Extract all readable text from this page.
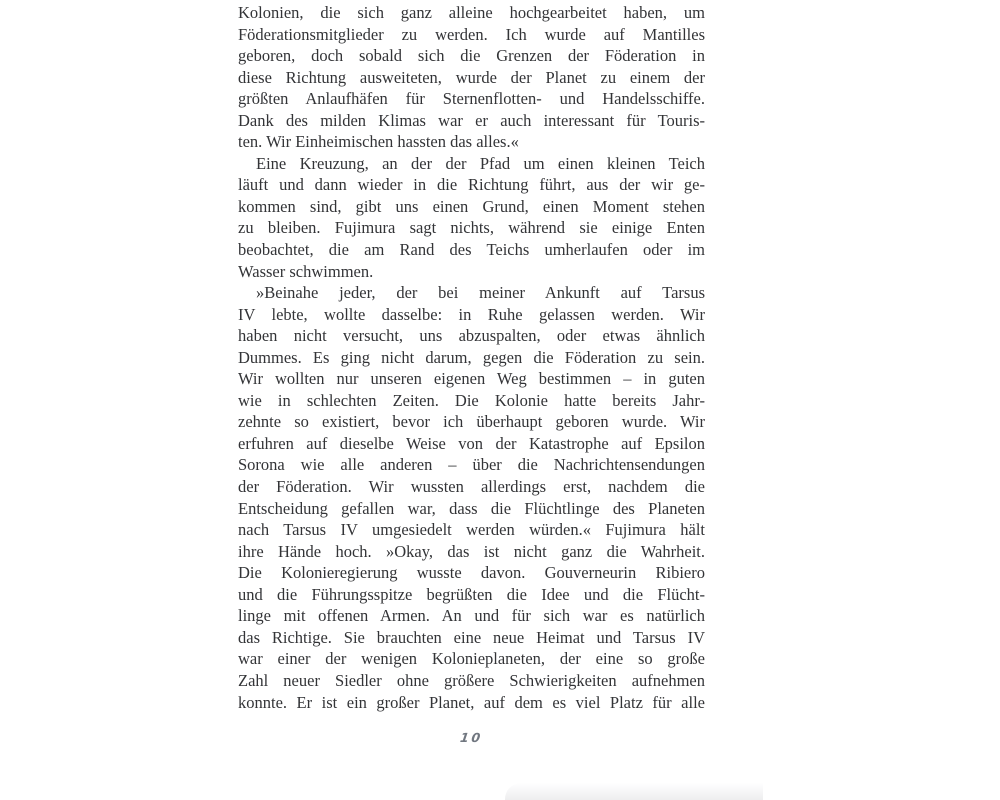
Kolonien, die sich ganz alleine hochgearbeitet haben, um
Föderationsmitglieder zu werden. Ich wurde auf Mantilles
geboren, doch sobald sich die Grenzen der Föderation in
diese Richtung ausweiteten, wurde der Planet zu einem der
größten Anlaufhäfen für Sternenflotten- und Handelsschiffe.
Dank des milden Klimas war er auch interessant für Touris-
ten. Wir Einheimischen hassten das alles.«
Eine Kreuzung, an der der Pfad um einen kleinen Teich
läuft und dann wieder in die Richtung führt, aus der wir ge-
kommen sind, gibt uns einen Grund, einen Moment stehen
zu bleiben. Fujimura sagt nichts, während sie einige Enten
beobachtet, die am Rand des Teichs umherlaufen oder im
Wasser schwimmen.
»Beinahe jeder, der bei meiner Ankunft auf Tarsus
IV lebte, wollte dasselbe: in Ruhe gelassen werden. Wir
haben nicht versucht, uns abzuspalten, oder etwas ähnlich
Dummes. Es ging nicht darum, gegen die Föderation zu sein.
Wir wollten nur unseren eigenen Weg bestimmen – in guten
wie in schlechten Zeiten. Die Kolonie hatte bereits Jahr-
zehnte so existiert, bevor ich überhaupt geboren wurde. Wir
erfuhren auf dieselbe Weise von der Katastrophe auf Epsilon
Sorona wie alle anderen – über die Nachrichtensendungen
der Föderation. Wir wussten allerdings erst, nachdem die
Entscheidung gefallen war, dass die Flüchtlinge des Planeten
nach Tarsus IV umgesiedelt werden würden.« Fujimura hält
ihre Hände hoch. »Okay, das ist nicht ganz die Wahrheit.
Die Kolonieregierung wusste davon. Gouverneurin Ribiero
und die Führungsspitze begrüßten die Idee und die Flücht-
linge mit offenen Armen. An und für sich war es natürlich
das Richtige. Sie brauchten eine neue Heimat und Tarsus IV
war einer der wenigen Kolonieplaneten, der eine so große
Zahl neuer Siedler ohne größere Schwierigkeiten aufnehmen
konnte. Er ist ein großer Planet, auf dem es viel Platz für alle
10
